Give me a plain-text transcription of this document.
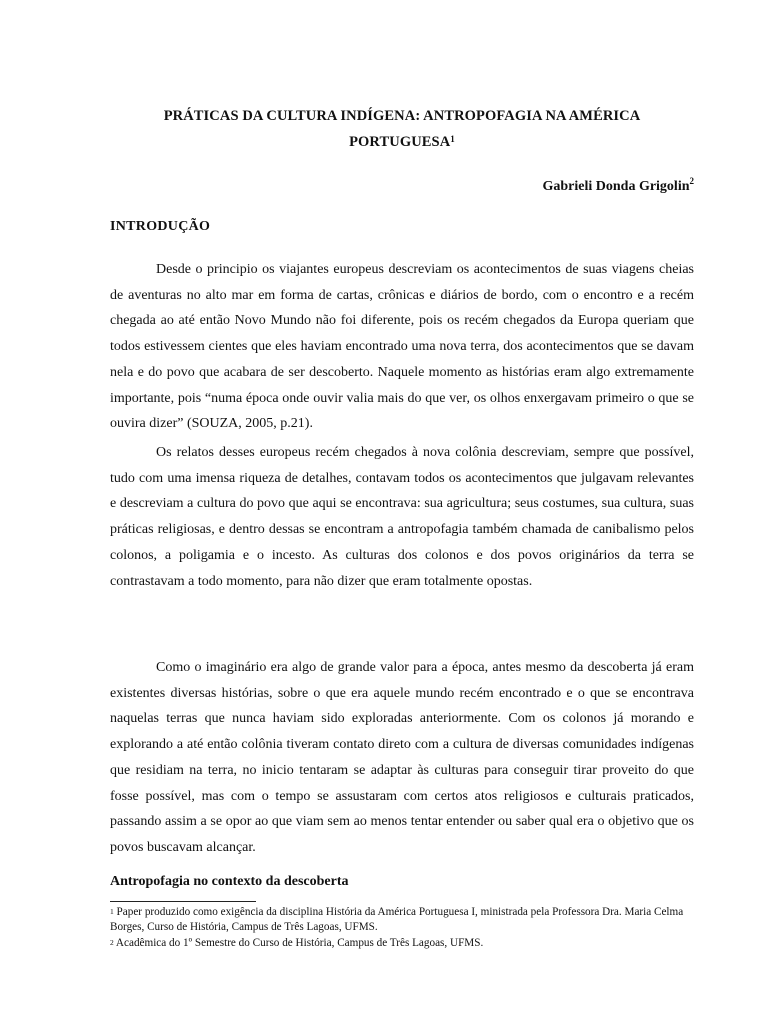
PRÁTICAS DA CULTURA INDÍGENA: ANTROPOFAGIA NA AMÉRICA
PORTUGUESA$^1$
Gabrieli Donda Grigolin$^2$
INTRODUÇÃO

Desde o principio os viajantes europeus descreviam os acontecimentos de suas viagens cheias de aventuras no alto mar em forma de cartas, crônicas e diários de bordo, com o encontro e a recém chegada ao até então Novo Mundo não foi diferente, pois os recém chegados da Europa queriam que todos estivessem cientes que eles haviam encontrado uma nova terra, dos acontecimentos que se davam nela e do povo que acabara de ser descoberto. Naquele momento as histórias eram algo extremamente importante, pois “numa época onde ouvir valia mais do que ver, os olhos enxergavam primeiro o que se ouvira dizer” (SOUZA, 2005, p.21).

Os relatos desses europeus recém chegados à nova colônia descreviam, sempre que possível, tudo com uma imensa riqueza de detalhes, contavam todos os acontecimentos que julgavam relevantes e descreviam a cultura do povo que aqui se encontrava: sua agricultura; seus costumes, sua cultura, suas práticas religiosas, e dentro dessas se encontram a antropofagia também chamada de canibalismo pelos colonos, a poligamia e o incesto. As culturas dos colonos e dos povos originários da terra se contrastavam a todo momento, para não dizer que eram totalmente opostas.

Como o imaginário era algo de grande valor para a época, antes mesmo da descoberta já eram existentes diversas histórias, sobre o que era aquele mundo recém encontrado e o que se encontrava naquelas terras que nunca haviam sido exploradas anteriormente. Com os colonos já morando e explorando a até então colônia tiveram contato direto com a cultura de diversas comunidades indígenas que residiam na terra, no inicio tentaram se adaptar às culturas para conseguir tirar proveito do que fosse possível, mas com o tempo se assustaram com certos atos religiosos e culturais praticados, passando assim a se opor ao que viam sem ao menos tentar entender ou saber qual era o objetivo que os povos buscavam alcançar.

Antropofagia no contexto da descoberta

$^1$ Paper produzido como exigência da disciplina História da América Portuguesa I, ministrada pela Professora Dra. Maria Celma Borges, Curso de História, Campus de Três Lagoas, UFMS.

$^2$ Acadêmica do 1º Semestre do Curso de História, Campus de Três Lagoas, UFMS.
